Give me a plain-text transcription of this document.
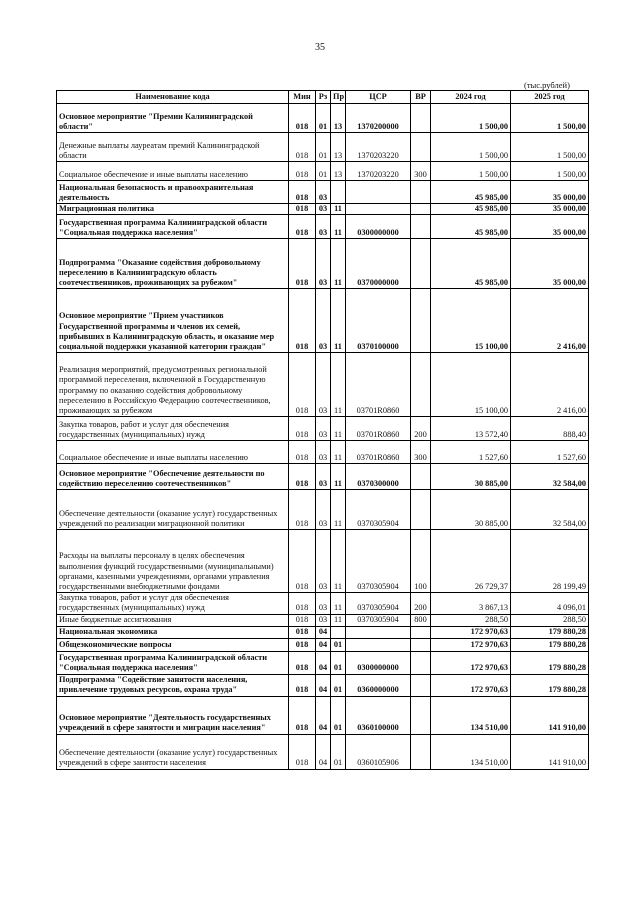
35
(тыс.рублей)
Наименование кода	Мин	Рз	Пр	ЦСР	ВР	2024 год	2025 год
Основное мероприятие "Премии Калининградской области"	018	01	13	1370200000		1 500,00	1 500,00
Денежные выплаты лауреатам премий Калининградской области	018	01	13	1370203220		1 500,00	1 500,00
Социальное обеспечение и иные выплаты населению	018	01	13	1370203220	300	1 500,00	1 500,00
Национальная безопасность и правоохранительная деятельность	018	03				45 985,00	35 000,00
Миграционная политика	018	03	11			45 985,00	35 000,00
Государственная программа Калининградской области "Социальная поддержка населения"	018	03	11	0300000000		45 985,00	35 000,00
Подпрограмма "Оказание содействия добровольному переселению в Калининградскую область соотечественников, проживающих за рубежом"	018	03	11	0370000000		45 985,00	35 000,00
Основное мероприятие "Прием участников Государственной программы и членов их семей, прибывших в Калининградскую область, и оказание мер социальной поддержки указанной категории граждан"	018	03	11	0370100000		15 100,00	2 416,00
Реализация мероприятий, предусмотренных региональной программой переселения, включенной в Государственную программу по оказанию содействия добровольному переселению в Российскую Федерацию соотечественников, проживающих за рубежом	018	03	11	03701R0860		15 100,00	2 416,00
Закупка товаров, работ и услуг для обеспечения государственных (муниципальных) нужд	018	03	11	03701R0860	200	13 572,40	888,40
Социальное обеспечение и иные выплаты населению	018	03	11	03701R0860	300	1 527,60	1 527,60
Основное мероприятие "Обеспечение деятельности по содействию переселению соотечественников"	018	03	11	0370300000		30 885,00	32 584,00
Обеспечение деятельности (оказание услуг) государственных учреждений по реализации миграционной политики	018	03	11	0370305904		30 885,00	32 584,00
Расходы на выплаты персоналу в целях обеспечения выполнения функций государственными (муниципальными) органами, казенными учреждениями, органами управления государственными внебюджетными фондами	018	03	11	0370305904	100	26 729,37	28 199,49
Закупка товаров, работ и услуг для обеспечения государственных (муниципальных) нужд	018	03	11	0370305904	200	3 867,13	4 096,01
Иные бюджетные ассигнования	018	03	11	0370305904	800	288,50	288,50
Национальная экономика	018	04				172 970,63	179 880,28
Общеэкономические вопросы	018	04	01			172 970,63	179 880,28
Государственная программа Калининградской области "Социальная поддержка населения"	018	04	01	0300000000		172 970,63	179 880,28
Подпрограмма "Содействие занятости населения, привлечение трудовых ресурсов, охрана труда"	018	04	01	0360000000		172 970,63	179 880,28
Основное мероприятие "Деятельность государственных учреждений в сфере занятости и миграции населения"	018	04	01	0360100000		134 510,00	141 910,00
Обеспечение деятельности (оказание услуг) государственных учреждений в сфере занятости населения	018	04	01	0360105906		134 510,00	141 910,00
